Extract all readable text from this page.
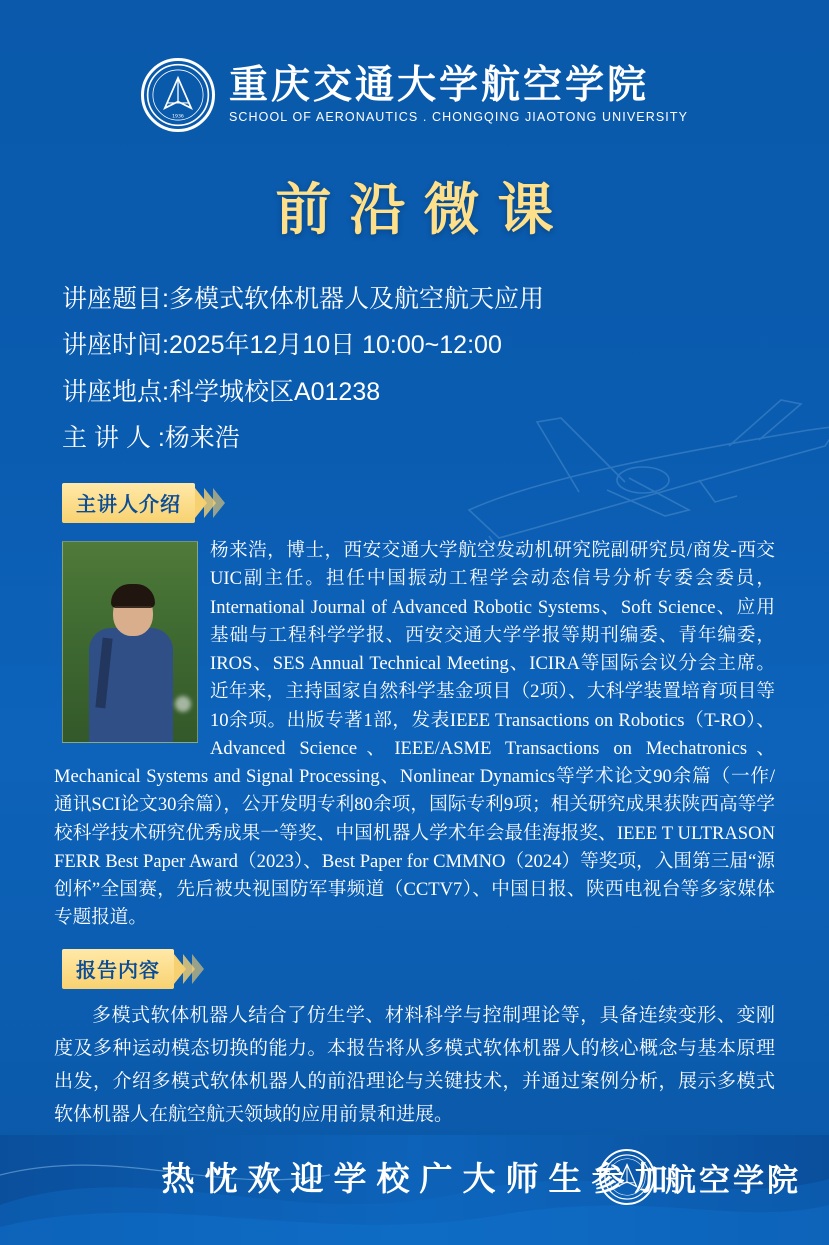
1936
重庆交通大学航空学院
SCHOOL OF AERONAUTICS . CHONGQING JIAOTONG UNIVERSITY
前沿微课
讲座题目:多模式软体机器人及航空航天应用
讲座时间:2025年12月10日 10:00~12:00
讲座地点:科学城校区A01238
主 讲 人 :杨来浩
主讲人介绍
杨来浩，博士，西安交通大学航空发动机研究院副研究员/商发-西交UIC副主任。担任中国振动工程学会动态信号分析专委会委员，International Journal of Advanced Robotic Systems、Soft Science、应用基础与工程科学学报、西安交通大学学报等期刊编委、青年编委，IROS、SES Annual Technical Meeting、ICIRA等国际会议分会主席。近年来，主持国家自然科学基金项目（2项）、大科学装置培育项目等10余项。出版专著1部，发表IEEE Transactions on Robotics（T-RO）、Advanced Science、IEEE/ASME Transactions on Mechatronics、Mechanical Systems and Signal Processing、Nonlinear Dynamics等学术论文90余篇（一作/通讯SCI论文30余篇），公开发明专利80余项，国际专利9项；相关研究成果获陕西高等学校科学技术研究优秀成果一等奖、中国机器人学术年会最佳海报奖、IEEE T ULTRASON FERR Best Paper Award（2023）、Best Paper for CMMNO（2024）等奖项，入围第三届“源创杯”全国赛，先后被央视国防军事频道（CCTV7）、中国日报、陕西电视台等多家媒体专题报道。
报告内容
多模式软体机器人结合了仿生学、材料科学与控制理论等，具备连续变形、变刚度及多种运动模态切换的能力。本报告将从多模式软体机器人的核心概念与基本原理出发，介绍多模式软体机器人的前沿理论与关键技术，并通过案例分析，展示多模式软体机器人在航空航天领域的应用前景和进展。
热忱欢迎学校广大师生参加
航空学院
